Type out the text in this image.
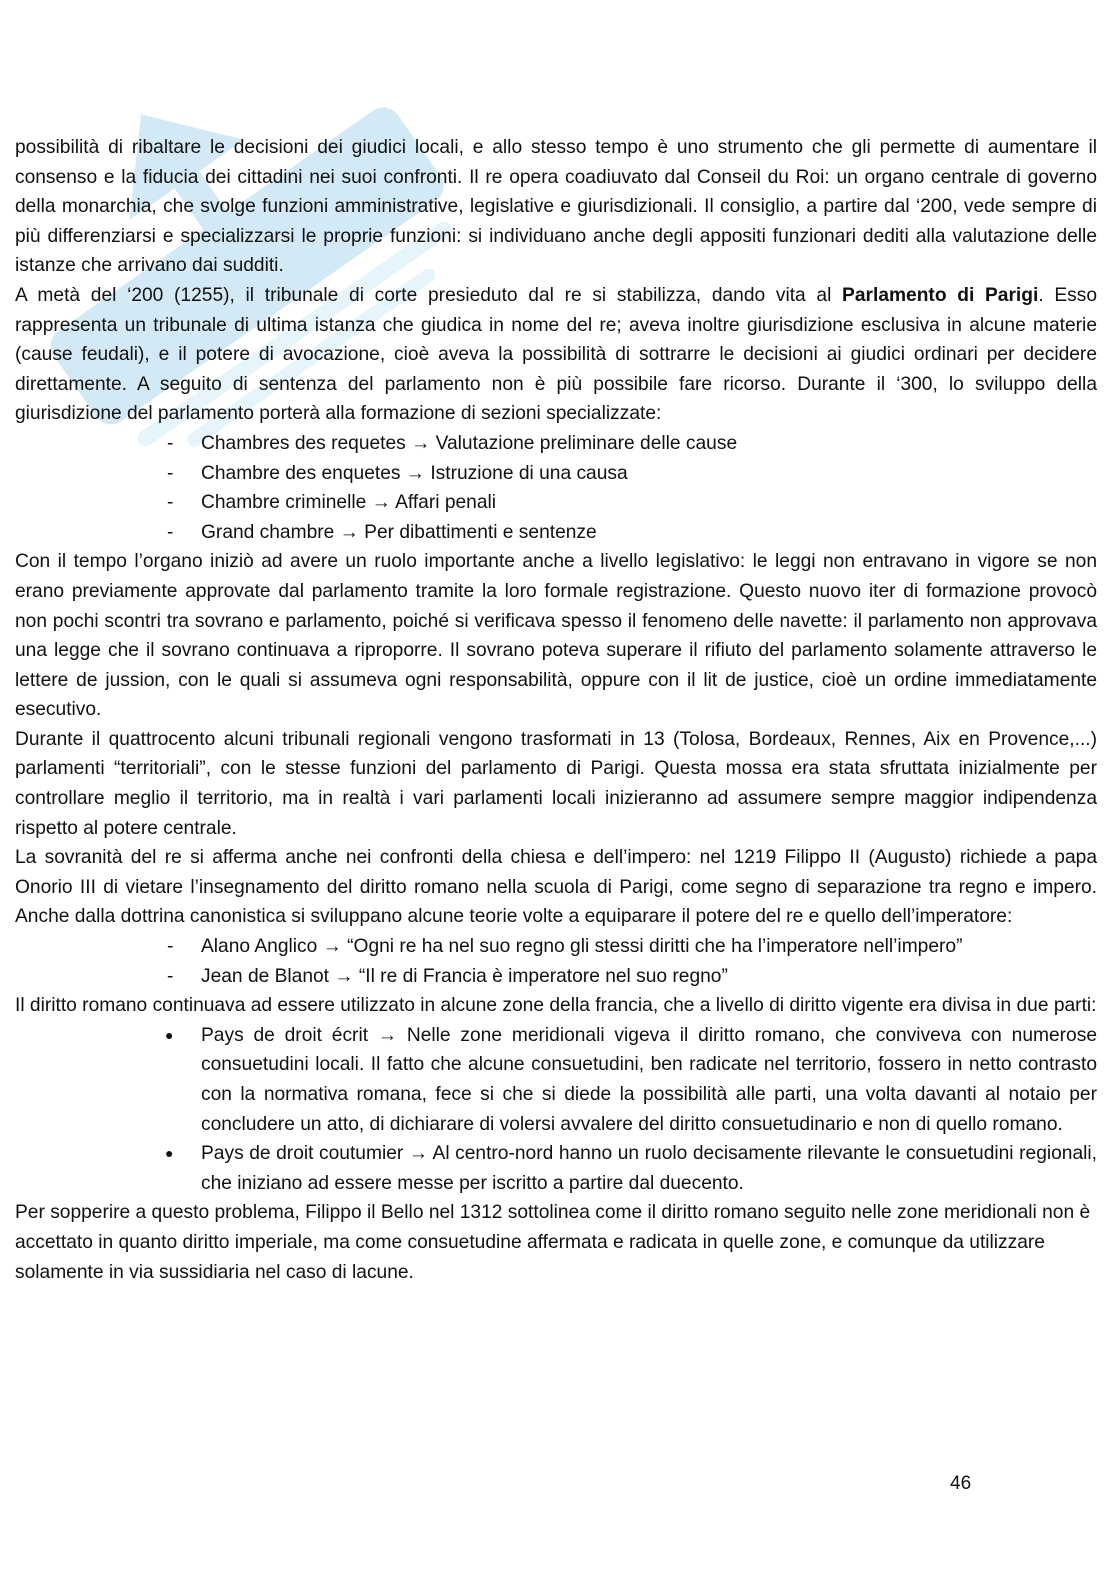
possibilità di ribaltare le decisioni dei giudici locali, e allo stesso tempo è uno strumento che gli permette di aumentare il consenso e la fiducia dei cittadini nei suoi confronti. Il re opera coadiuvato dal Conseil du Roi: un organo centrale di governo della monarchia, che svolge funzioni amministrative, legislative e giurisdizionali. Il consiglio, a partire dal ‘200, vede sempre di più differenziarsi e specializzarsi le proprie funzioni: si individuano anche degli appositi funzionari dediti alla valutazione delle istanze che arrivano dai sudditi.

A metà del ‘200 (1255), il tribunale di corte presieduto dal re si stabilizza, dando vita al Parlamento di Parigi. Esso rappresenta un tribunale di ultima istanza che giudica in nome del re; aveva inoltre giurisdizione esclusiva in alcune materie (cause feudali), e il potere di avocazione, cioè aveva la possibilità di sottrarre le decisioni ai giudici ordinari per decidere direttamente. A seguito di sentenza del parlamento non è più possibile fare ricorso. Durante il ‘300, lo sviluppo della giurisdizione del parlamento porterà alla formazione di sezioni specializzate:

- Chambres des requetes → Valutazione preliminare delle cause
- Chambre des enquetes → Istruzione di una causa
- Chambre criminelle → Affari penali
- Grand chambre → Per dibattimenti e sentenze

Con il tempo l’organo iniziò ad avere un ruolo importante anche a livello legislativo: le leggi non entravano in vigore se non erano previamente approvate dal parlamento tramite la loro formale registrazione. Questo nuovo iter di formazione provocò non pochi scontri tra sovrano e parlamento, poiché si verificava spesso il fenomeno delle navette: il parlamento non approvava una legge che il sovrano continuava a riproporre. Il sovrano poteva superare il rifiuto del parlamento solamente attraverso le lettere de jussion, con le quali si assumeva ogni responsabilità, oppure con il lit de justice, cioè un ordine immediatamente esecutivo.

Durante il quattrocento alcuni tribunali regionali vengono trasformati in 13 (Tolosa, Bordeaux, Rennes, Aix en Provence,...) parlamenti “territoriali”, con le stesse funzioni del parlamento di Parigi. Questa mossa era stata sfruttata inizialmente per controllare meglio il territorio, ma in realtà i vari parlamenti locali inizieranno ad assumere sempre maggior indipendenza rispetto al potere centrale.

La sovranità del re si afferma anche nei confronti della chiesa e dell’impero: nel 1219 Filippo II (Augusto) richiede a papa Onorio III di vietare l’insegnamento del diritto romano nella scuola di Parigi, come segno di separazione tra regno e impero. Anche dalla dottrina canonistica si sviluppano alcune teorie volte a equiparare il potere del re e quello dell’imperatore:

- Alano Anglico → “Ogni re ha nel suo regno gli stessi diritti che ha l’imperatore nell’impero”
- Jean de Blanot → “Il re di Francia è imperatore nel suo regno”

Il diritto romano continuava ad essere utilizzato in alcune zone della francia, che a livello di diritto vigente era divisa in due parti:

● Pays de droit écrit → Nelle zone meridionali vigeva il diritto romano, che conviveva con numerose consuetudini locali. Il fatto che alcune consuetudini, ben radicate nel territorio, fossero in netto contrasto con la normativa romana, fece si che si diede la possibilità alle parti, una volta davanti al notaio per concludere un atto, di dichiarare di volersi avvalere del diritto consuetudinario e non di quello romano.
● Pays de droit coutumier → Al centro-nord hanno un ruolo decisamente rilevante le consuetudini regionali, che iniziano ad essere messe per iscritto a partire dal duecento.

Per sopperire a questo problema, Filippo il Bello nel 1312 sottolinea come il diritto romano seguito nelle zone meridionali non è accettato in quanto diritto imperiale, ma come consuetudine affermata e radicata in quelle zone, e comunque da utilizzare solamente in via sussidiaria nel caso di lacune.

46
